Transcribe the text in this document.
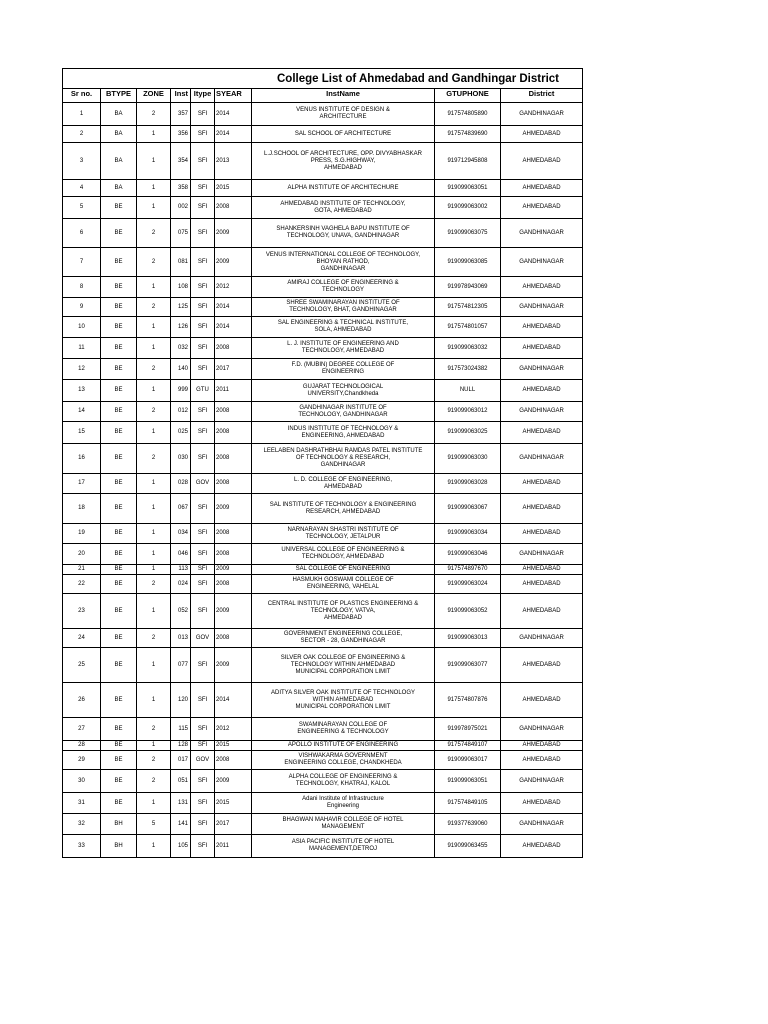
College List of Ahmedabad and Gandhingar District								
Sr no.	BTYPE	ZONE	Inst	Itype	SYEAR	InstName	GTUPHONE	District
1	BA	2	357	SFI	2014	VENUS INSTITUTE OF DESIGN &
ARCHITECTURE	917574805890	GANDHINAGAR
2	BA	1	356	SFI	2014	SAL SCHOOL OF ARCHITECTURE	917574839690	AHMEDABAD
3	BA	1	354	SFI	2013	L.J.SCHOOL OF ARCHITECTURE, OPP. DIVYABHASKAR
PRESS, S.G.HIGHWAY,
AHMEDABAD	919712945808	AHMEDABAD
4	BA	1	358	SFI	2015	ALPHA INSTITUTE OF ARCHITECHURE	919099063051	AHMEDABAD
5	BE	1	002	SFI	2008	AHMEDABAD INSTITUTE OF TECHNOLOGY,
GOTA, AHMEDABAD	919099063002	AHMEDABAD
6	BE	2	075	SFI	2009	SHANKERSINH VAGHELA BAPU INSTITUTE OF
TECHNOLOGY, UNAVA, GANDHINAGAR	919099063075	GANDHINAGAR
7	BE	2	081	SFI	2009	VENUS INTERNATIONAL COLLEGE OF TECHNOLOGY,
BHOYAN RATHOD,
GANDHINAGAR	919099063085	GANDHINAGAR
8	BE	1	108	SFI	2012	AMIRAJ COLLEGE OF ENGINEERING &
TECHNOLOGY	919978943069	AHMEDABAD
9	BE	2	125	SFI	2014	SHREE SWAMINARAYAN INSTITUTE OF
TECHNOLOGY, BHAT, GANDHINAGAR	917574812305	GANDHINAGAR
10	BE	1	126	SFI	2014	SAL ENGINEERING & TECHNICAL INSTITUTE,
SOLA, AHMEDABAD	917574801057	AHMEDABAD
11	BE	1	032	SFI	2008	L. J. INSTITUTE OF ENGINEERING AND
TECHNOLOGY, AHMEDABAD	919099063032	AHMEDABAD
12	BE	2	140	SFI	2017	F.D. (MUBIN) DEGREE COLLEGE OF
ENGINEERING	917573024382	GANDHINAGAR
13	BE	1	999	GTU	2011	GUJARAT TECHNOLOGICAL
UNIVERSITY,Chandkheda	NULL	AHMEDABAD
14	BE	2	012	SFI	2008	GANDHINAGAR INSTITUTE OF
TECHNOLOGY, GANDHINAGAR	919099063012	GANDHINAGAR
15	BE	1	025	SFI	2008	INDUS INSTITUTE OF TECHNOLOGY &
ENGINEERING, AHMEDABAD	919099063025	AHMEDABAD
16	BE	2	030	SFI	2008	LEELABEN DASHRATHBHAI RAMDAS PATEL INSTITUTE
OF TECHNOLOGY & RESEARCH,
GANDHINAGAR	919099063030	GANDHINAGAR
17	BE	1	028	GOV	2008	L. D. COLLEGE OF ENGINEERING,
AHMEDABAD	919099063028	AHMEDABAD
18	BE	1	067	SFI	2009	SAL INSTITUTE OF TECHNOLOGY & ENGINEERING
RESEARCH, AHMEDABAD	919099063067	AHMEDABAD
19	BE	1	034	SFI	2008	NARNARAYAN SHASTRI INSTITUTE OF
TECHNOLOGY, JETALPUR	919099063034	AHMEDABAD
20	BE	1	046	SFI	2008	UNIVERSAL COLLEGE OF ENGINEERING &
TECHNOLOGY, AHMEDABAD	919099063046	GANDHINAGAR
21	BE	1	113	SFI	2009	SAL COLLEGE OF ENGINEERING	917574897670	AHMEDABAD
22	BE	2	024	SFI	2008	HASMUKH GOSWAMI COLLEGE OF
ENGINEERING, VAHELAL	919099063024	AHMEDABAD
23	BE	1	052	SFI	2009	CENTRAL INSTITUTE OF PLASTICS ENGINEERING &
TECHNOLOGY, VATVA,
AHMEDABAD	919099063052	AHMEDABAD
24	BE	2	013	GOV	2008	GOVERNMENT ENGINEERING COLLEGE,
SECTOR - 28, GANDHINAGAR	919099063013	GANDHINAGAR
25	BE	1	077	SFI	2009	SILVER OAK COLLEGE OF ENGINEERING &
TECHNOLOGY WITHIN AHMEDABAD
MUNICIPAL CORPORATION LIMIT	919099063077	AHMEDABAD
26	BE	1	120	SFI	2014	ADITYA SILVER OAK INSTITUTE OF TECHNOLOGY
WITHIN AHMEDABAD
MUNICIPAL CORPORATION LIMIT	917574807876	AHMEDABAD
27	BE	2	115	SFI	2012	SWAMINARAYAN COLLEGE OF
ENGINEERING & TECHNOLOGY	919978975021	GANDHINAGAR
28	BE	1	128	SFI	2015	APOLLO INSTITUTE OF ENGINEERING	917574849107	AHMEDABAD
29	BE	2	017	GOV	2008	VISHWAKARMA GOVERNMENT
ENGINEERING COLLEGE, CHANDKHEDA	919099063017	AHMEDABAD
30	BE	2	051	SFI	2009	ALPHA COLLEGE OF ENGINEERING &
TECHNOLOGY, KHATRAJ, KALOL	919099063051	GANDHINAGAR
31	BE	1	131	SFI	2015	Adani Institute of Infrastructure
Engineering	917574849105	AHMEDABAD
32	BH	5	141	SFI	2017	BHAGWAN MAHAVIR COLLEGE OF HOTEL
MANAGEMENT	919377639060	GANDHINAGAR
33	BH	1	105	SFI	2011	ASIA PACIFIC INSTITUTE OF HOTEL
MANAGEMENT,DETROJ	919099063455	AHMEDABAD
